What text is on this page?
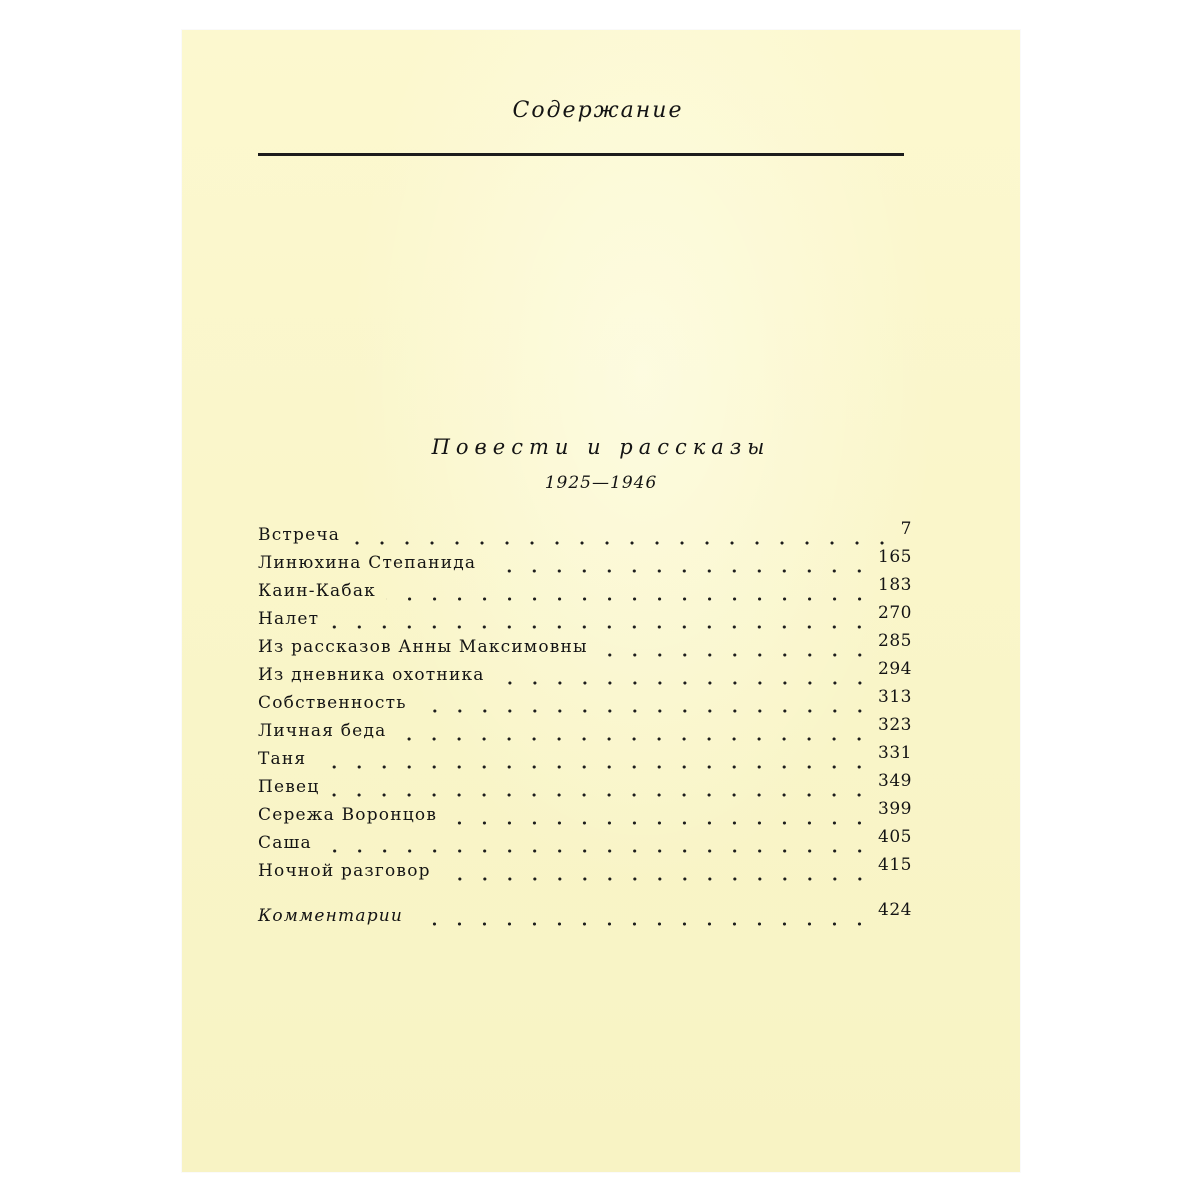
Содержание
Повести и рассказы
1925—1946
Встреча	7
Линюхина Степанида	165
Каин-Кабак	183
Налет	270
Из рассказов Анны Максимовны	285
Из дневника охотника	294
Собственность	313
Личная беда	323
Таня	331
Певец	349
Сережа Воронцов	399
Саша	405
Ночной разговор	415
Комментарии	424
